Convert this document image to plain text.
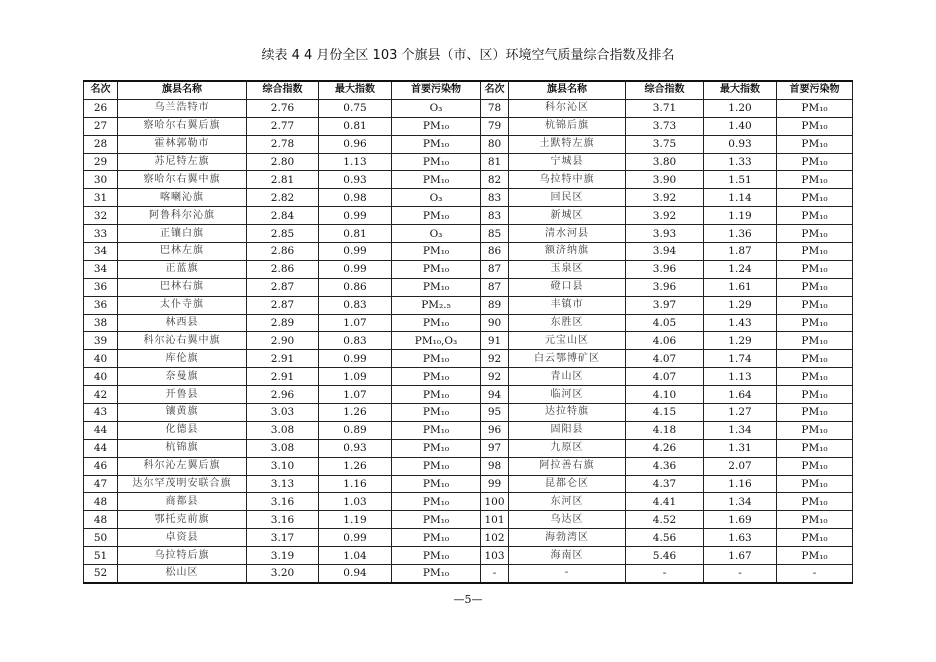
续表 4 4 月份全区 103 个旗县（市、区）环境空气质量综合指数及排名
名次	旗县名称	综合指数	最大指数	首要污染物	名次	旗县名称	综合指数	最大指数	首要污染物
26	乌兰浩特市	2.76	0.75	O₃	78	科尔沁区	3.71	1.20	PM₁₀
27	察哈尔右翼后旗	2.77	0.81	PM₁₀	79	杭锦后旗	3.73	1.40	PM₁₀
28	霍林郭勒市	2.78	0.96	PM₁₀	80	土默特左旗	3.75	0.93	PM₁₀
29	苏尼特左旗	2.80	1.13	PM₁₀	81	宁城县	3.80	1.33	PM₁₀
30	察哈尔右翼中旗	2.81	0.93	PM₁₀	82	乌拉特中旗	3.90	1.51	PM₁₀
31	喀喇沁旗	2.82	0.98	O₃	83	回民区	3.92	1.14	PM₁₀
32	阿鲁科尔沁旗	2.84	0.99	PM₁₀	83	新城区	3.92	1.19	PM₁₀
33	正镶白旗	2.85	0.81	O₃	85	清水河县	3.93	1.36	PM₁₀
34	巴林左旗	2.86	0.99	PM₁₀	86	额济纳旗	3.94	1.87	PM₁₀
34	正蓝旗	2.86	0.99	PM₁₀	87	玉泉区	3.96	1.24	PM₁₀
36	巴林右旗	2.87	0.86	PM₁₀	87	磴口县	3.96	1.61	PM₁₀
36	太仆寺旗	2.87	0.83	PM₂.₅	89	丰镇市	3.97	1.29	PM₁₀
38	林西县	2.89	1.07	PM₁₀	90	东胜区	4.05	1.43	PM₁₀
39	科尔沁右翼中旗	2.90	0.83	PM₁₀,O₃	91	元宝山区	4.06	1.29	PM₁₀
40	库伦旗	2.91	0.99	PM₁₀	92	白云鄂博矿区	4.07	1.74	PM₁₀
40	奈曼旗	2.91	1.09	PM₁₀	92	青山区	4.07	1.13	PM₁₀
42	开鲁县	2.96	1.07	PM₁₀	94	临河区	4.10	1.64	PM₁₀
43	镶黄旗	3.03	1.26	PM₁₀	95	达拉特旗	4.15	1.27	PM₁₀
44	化德县	3.08	0.89	PM₁₀	96	固阳县	4.18	1.34	PM₁₀
44	杭锦旗	3.08	0.93	PM₁₀	97	九原区	4.26	1.31	PM₁₀
46	科尔沁左翼后旗	3.10	1.26	PM₁₀	98	阿拉善右旗	4.36	2.07	PM₁₀
47	达尔罕茂明安联合旗	3.13	1.16	PM₁₀	99	昆都仑区	4.37	1.16	PM₁₀
48	商都县	3.16	1.03	PM₁₀	100	东河区	4.41	1.34	PM₁₀
48	鄂托克前旗	3.16	1.19	PM₁₀	101	乌达区	4.52	1.69	PM₁₀
50	卓资县	3.17	0.99	PM₁₀	102	海勃湾区	4.56	1.63	PM₁₀
51	乌拉特后旗	3.19	1.04	PM₁₀	103	海南区	5.46	1.67	PM₁₀
52	松山区	3.20	0.94	PM₁₀	-	-	-	-	-
—5—
